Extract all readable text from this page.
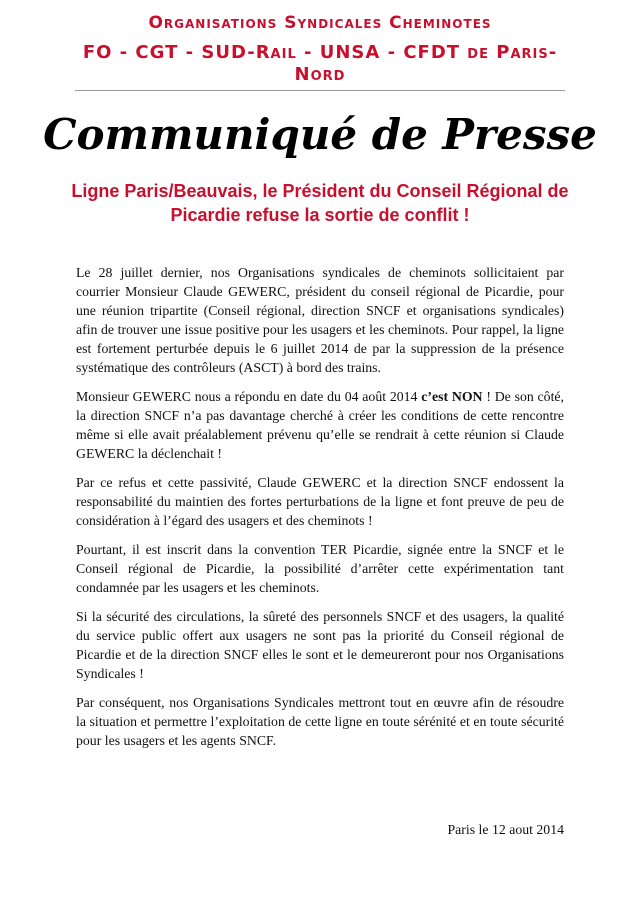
Organisations Syndicales Cheminotes
FO - CGT - SUD-Rail - UNSA - CFDT de Paris-Nord
Communiqué de Presse
Ligne Paris/Beauvais, le Président du Conseil Régional de Picardie refuse la sortie de conflit !

Le 28 juillet dernier, nos Organisations syndicales de cheminots sollicitaient par courrier Monsieur Claude GEWERC, président du conseil régional de Picardie, pour une réunion tripartite (Conseil régional, direction SNCF et organisations syndicales) afin de trouver une issue positive pour les usagers et les cheminots. Pour rappel, la ligne est fortement perturbée depuis le 6 juillet 2014 de par la suppression de la présence systématique des contrôleurs (ASCT) à bord des trains.

Monsieur GEWERC nous a répondu en date du 04 août 2014 c’est NON ! De son côté, la direction SNCF n’a pas davantage cherché à créer les conditions de cette rencontre même si elle avait préalablement prévenu qu’elle se rendrait à cette réunion si Claude GEWERC la déclenchait !

Par ce refus et cette passivité, Claude GEWERC et la direction SNCF endossent la responsabilité du maintien des fortes perturbations de la ligne et font preuve de peu de considération à l’égard des usagers et des cheminots !

Pourtant, il est inscrit dans la convention TER Picardie, signée entre la SNCF et le Conseil régional de Picardie, la possibilité d’arrêter cette expérimentation tant condamnée par les usagers et les cheminots.

Si la sécurité des circulations, la sûreté des personnels SNCF et des usagers, la qualité du service public offert aux usagers ne sont pas la priorité du Conseil régional de Picardie et de la direction SNCF elles le sont et le demeureront pour nos Organisations Syndicales !

Par conséquent, nos Organisations Syndicales mettront tout en œuvre afin de résoudre la situation et permettre l’exploitation de cette ligne en toute sérénité et en toute sécurité pour les usagers et les agents SNCF.

Paris le 12 aout 2014
